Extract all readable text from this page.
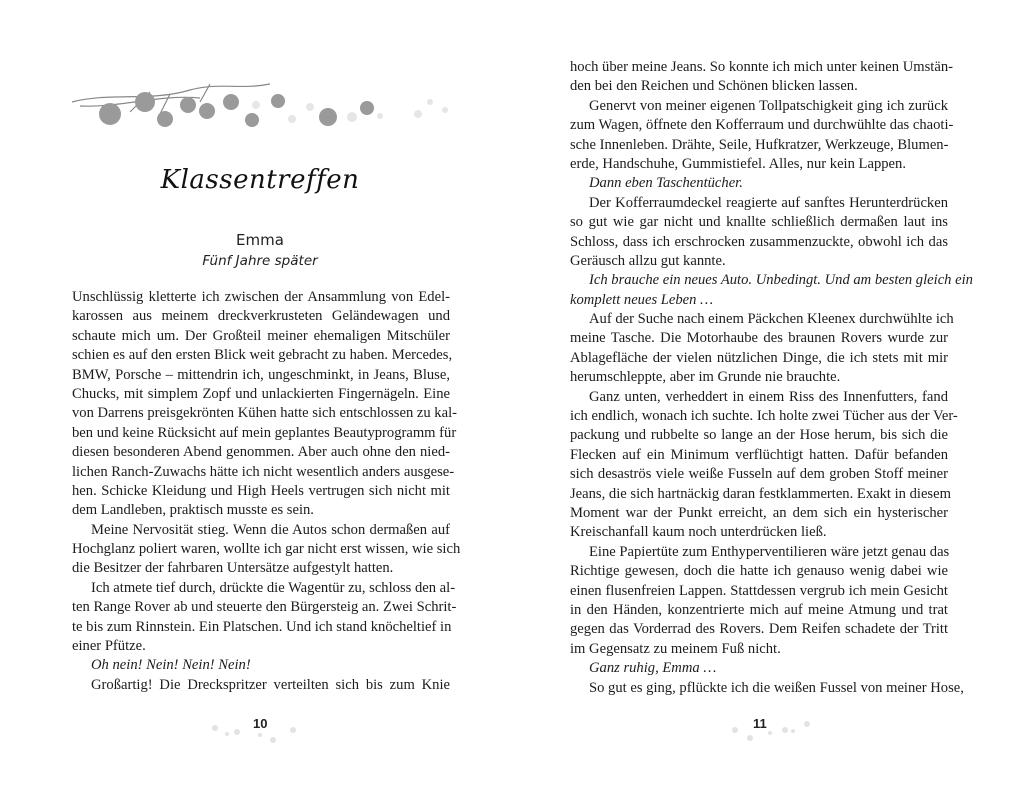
Klassentreffen
Emma
Fünf Jahre später
Unschlüssig kletterte ich zwischen der Ansammlung von Edel-
karossen aus meinem dreckverkrusteten Geländewagen und
schaute mich um. Der Großteil meiner ehemaligen Mitschüler
schien es auf den ersten Blick weit gebracht zu haben. Mercedes,
BMW, Porsche – mittendrin ich, ungeschminkt, in Jeans, Bluse,
Chucks, mit simplem Zopf und unlackierten Fingernägeln. Eine
von Darrens preisgekrönten Kühen hatte sich entschlossen zu kal-
ben und keine Rücksicht auf mein geplantes Beautyprogramm für
diesen besonderen Abend genommen. Aber auch ohne den nied-
lichen Ranch-Zuwachs hätte ich nicht wesentlich anders ausgese-
hen. Schicke Kleidung und High Heels vertrugen sich nicht mit
dem Landleben, praktisch musste es sein.
Meine Nervosität stieg. Wenn die Autos schon dermaßen auf
Hochglanz poliert waren, wollte ich gar nicht erst wissen, wie sich
die Besitzer der fahrbaren Untersätze aufgestylt hatten.
Ich atmete tief durch, drückte die Wagentür zu, schloss den al-
ten Range Rover ab und steuerte den Bürgersteig an. Zwei Schrit-
te bis zum Rinnstein. Ein Platschen. Und ich stand knöcheltief in
einer Pfütze.
Oh nein! Nein! Nein! Nein!
Großartig! Die Dreckspritzer verteilten sich bis zum Knie
10
hoch über meine Jeans. So konnte ich mich unter keinen Umstän-
den bei den Reichen und Schönen blicken lassen.
Genervt von meiner eigenen Tollpatschigkeit ging ich zurück
zum Wagen, öffnete den Kofferraum und durchwühlte das chaoti-
sche Innenleben. Drähte, Seile, Hufkratzer, Werkzeuge, Blumen-
erde, Handschuhe, Gummistiefel. Alles, nur kein Lappen.
Dann eben Taschentücher.
Der Kofferraumdeckel reagierte auf sanftes Herunterdrücken
so gut wie gar nicht und knallte schließlich dermaßen laut ins
Schloss, dass ich erschrocken zusammenzuckte, obwohl ich das
Geräusch allzu gut kannte.
Ich brauche ein neues Auto. Unbedingt. Und am besten gleich ein
komplett neues Leben …
Auf der Suche nach einem Päckchen Kleenex durchwühlte ich
meine Tasche. Die Motorhaube des braunen Rovers wurde zur
Ablagefläche der vielen nützlichen Dinge, die ich stets mit mir
herumschleppte, aber im Grunde nie brauchte.
Ganz unten, verheddert in einem Riss des Innenfutters, fand
ich endlich, wonach ich suchte. Ich holte zwei Tücher aus der Ver-
packung und rubbelte so lange an der Hose herum, bis sich die
Flecken auf ein Minimum verflüchtigt hatten. Dafür befanden
sich desaströs viele weiße Fusseln auf dem groben Stoff meiner
Jeans, die sich hartnäckig daran festklammerten. Exakt in diesem
Moment war der Punkt erreicht, an dem sich ein hysterischer
Kreischanfall kaum noch unterdrücken ließ.
Eine Papiertüte zum Enthyperventilieren wäre jetzt genau das
Richtige gewesen, doch die hatte ich genauso wenig dabei wie
einen flusenfreien Lappen. Stattdessen vergrub ich mein Gesicht
in den Händen, konzentrierte mich auf meine Atmung und trat
gegen das Vorderrad des Rovers. Dem Reifen schadete der Tritt
im Gegensatz zu meinem Fuß nicht.
Ganz ruhig, Emma …
So gut es ging, pflückte ich die weißen Fussel von meiner Hose,
11
